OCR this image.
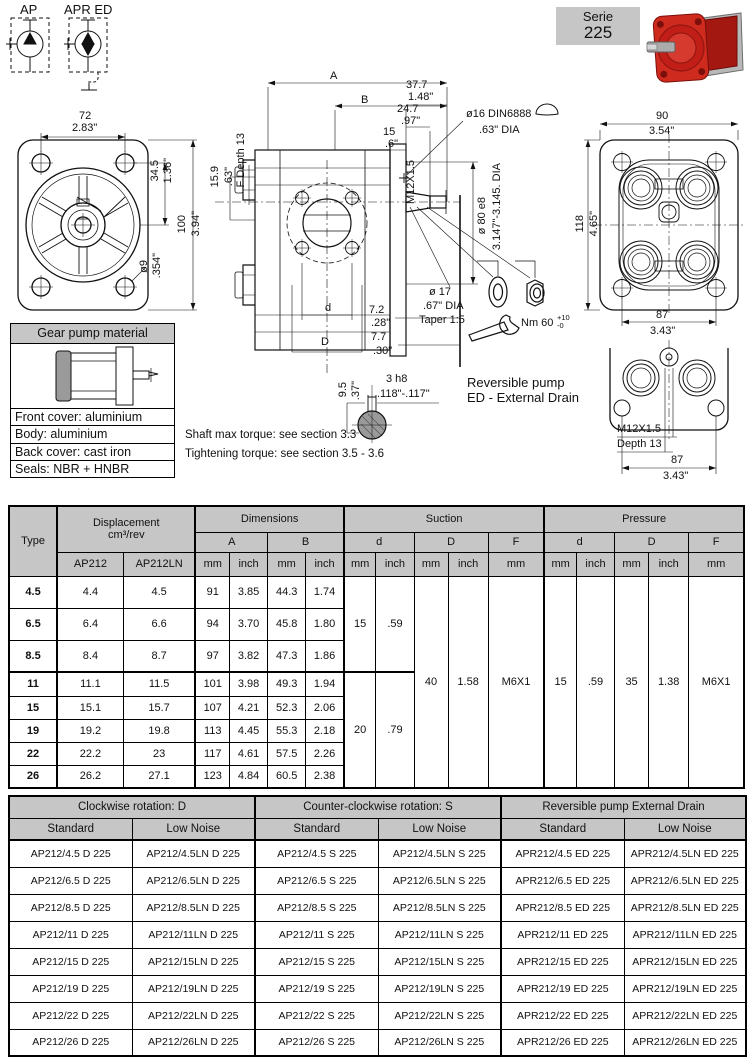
AP APR ED	Serie
225
72
2.83"
34.5 1.36"
100 3.94"
ø9 .354"
A
B
37.7
1.48"
24.7
.97"
15
.6"
15.9 .63" F Depth 13
ø16 DIN6888
.63" DIA
M12X1.5
ø 80 e8 3.147"-3.145. DIA
ø 17
.67" DIA
Taper 1:5	Nm 60 +10
-0
d	7.2
.28"
D	7.7
.30"
3 h8
.118"-.117"
9.5 .37"
90
3.54"
118 4.65"
87
3.43"
Reversible pump
ED - External Drain
M12X1.5
Depth 13
87
3.43"
Gear pump material
Front cover: aluminium
Body: aluminium
Back cover: cast iron
Seals: NBR + HNBR
Shaft max torque: see section 3.3
Tightening torque: see section 3.5 - 3.6
Type	Displacement
cm³/rev		Dimensions				Suction					Pressure				
			A		B		d		D		F	d		D		F
	AP212	AP212LN	mm	inch	mm	inch	mm	inch	mm	inch	mm	mm	inch	mm	inch	mm
4.5	4.4	4.5	91	3.85	44.3	1.74	15	.59	40	1.58	M6X1	15	.59	35	1.38	M6X1
6.5	6.4	6.6	94	3.70	45.8	1.80										
8.5	8.4	8.7	97	3.82	47.3	1.86										
11	11.1	11.5	101	3.98	49.3	1.94	20	.79								
15	15.1	15.7	107	4.21	52.3	2.06										
19	19.2	19.8	113	4.45	55.3	2.18										
22	22.2	23	117	4.61	57.5	2.26										
26	26.2	27.1	123	4.84	60.5	2.38										
Clockwise rotation: D		Counter-clockwise rotation: S		Reversible pump External Drain	
Standard	Low Noise	Standard	Low Noise	Standard	Low Noise
AP212/4.5 D 225	AP212/4.5LN D 225	AP212/4.5 S 225	AP212/4.5LN S 225	APR212/4.5 ED 225	APR212/4.5LN ED 225
AP212/6.5 D 225	AP212/6.5LN D 225	AP212/6.5 S 225	AP212/6.5LN S 225	APR212/6.5 ED 225	APR212/6.5LN ED 225
AP212/8.5 D 225	AP212/8.5LN D 225	AP212/8.5 S 225	AP212/8.5LN S 225	APR212/8.5 ED 225	APR212/8.5LN ED 225
AP212/11 D 225	AP212/11LN D 225	AP212/11 S 225	AP212/11LN S 225	APR212/11 ED 225	APR212/11LN ED 225
AP212/15 D 225	AP212/15LN D 225	AP212/15 S 225	AP212/15LN S 225	APR212/15 ED 225	APR212/15LN ED 225
AP212/19 D 225	AP212/19LN D 225	AP212/19 S 225	AP212/19LN S 225	APR212/19 ED 225	APR212/19LN ED 225
AP212/22 D 225	AP212/22LN D 225	AP212/22 S 225	AP212/22LN S 225	APR212/22 ED 225	APR212/22LN ED 225
AP212/26 D 225	AP212/26LN D 225	AP212/26 S 225	AP212/26LN S 225	APR212/26 ED 225	APR212/26LN ED 225
